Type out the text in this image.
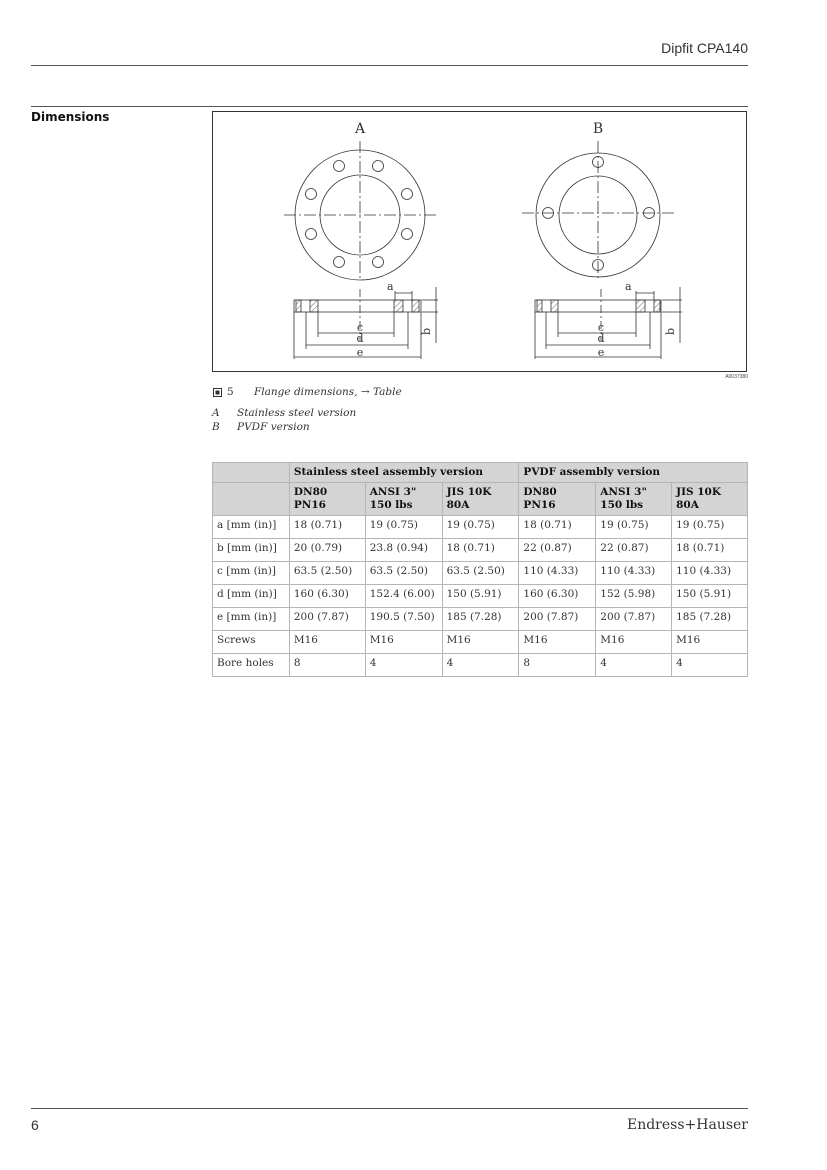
Dipfit CPA140
Dimensions
A	B
a
b
c
d
e
a
b
c
d
e
A0037380
5 Flange dimensions, → Table
A Stainless steel version
B PVDF version
	Stainless steel assembly version			PVDF assembly version		
	DN80 PN16	ANSI 3" 150 lbs	JIS 10K 80A	DN80 PN16	ANSI 3" 150 lbs	JIS 10K 80A
a [mm (in)]	18 (0.71)	19 (0.75)	19 (0.75)	18 (0.71)	19 (0.75)	19 (0.75)
b [mm (in)]	20 (0.79)	23.8 (0.94)	18 (0.71)	22 (0.87)	22 (0.87)	18 (0.71)
c [mm (in)]	63.5 (2.50)	63.5 (2.50)	63.5 (2.50)	110 (4.33)	110 (4.33)	110 (4.33)
d [mm (in)]	160 (6.30)	152.4 (6.00)	150 (5.91)	160 (6.30)	152 (5.98)	150 (5.91)
e [mm (in)]	200 (7.87)	190.5 (7.50)	185 (7.28)	200 (7.87)	200 (7.87)	185 (7.28)
Screws	M16	M16	M16	M16	M16	M16
Bore holes	8	4	4	8	4	4
6	Endress+Hauser
